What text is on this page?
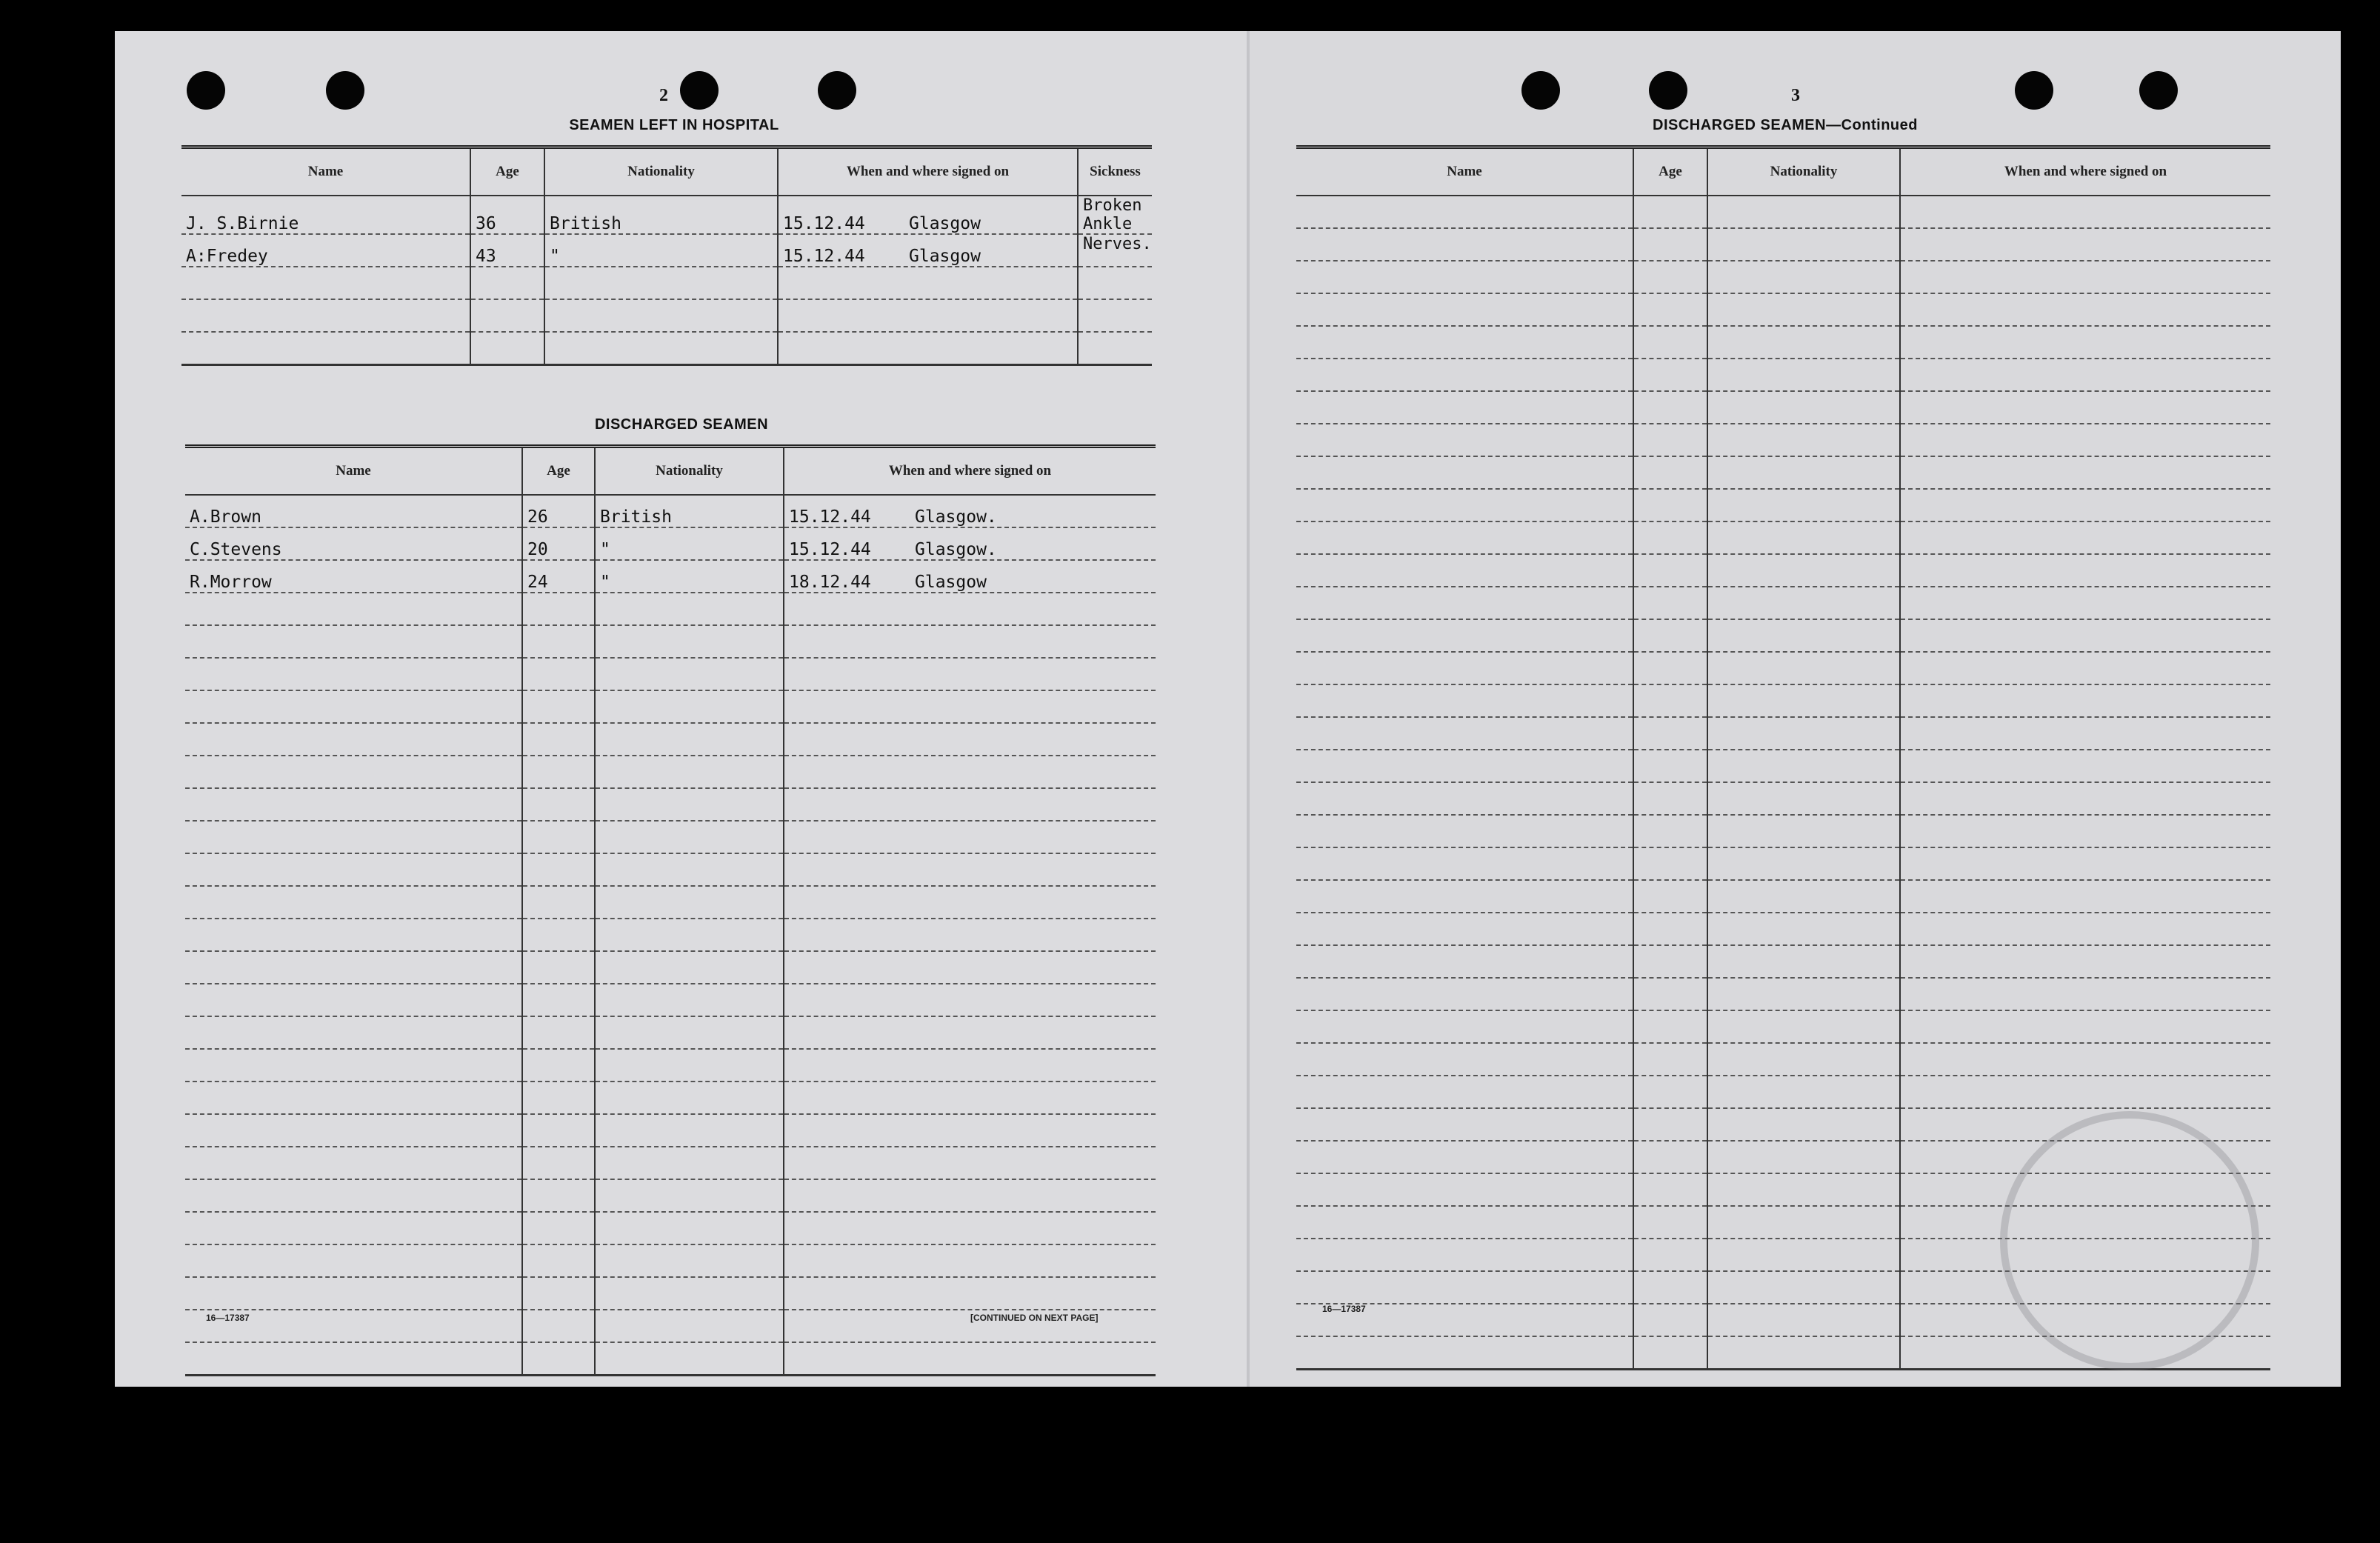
2
SEAMEN LEFT IN HOSPITAL
Name	Age	Nationality	When and where signed on	Sickness
J. S.Birnie	36	British	15.12.44 Glasgow	Broken Ankle
A:Fredey	43	"	15.12.44 Glasgow	Nerves.

DISCHARGED SEAMEN
Name	Age	Nationality	When and where signed on
A.Brown	26	British	15.12.44 Glasgow.
C.Stevens	20	"	15.12.44 Glasgow.
R.Morrow	24	"	18.12.44 Glasgow

16—17387	[CONTINUED ON NEXT PAGE]
3
DISCHARGED SEAMEN—Continued
Name	Age	Nationality	When and where signed on

16—17387
